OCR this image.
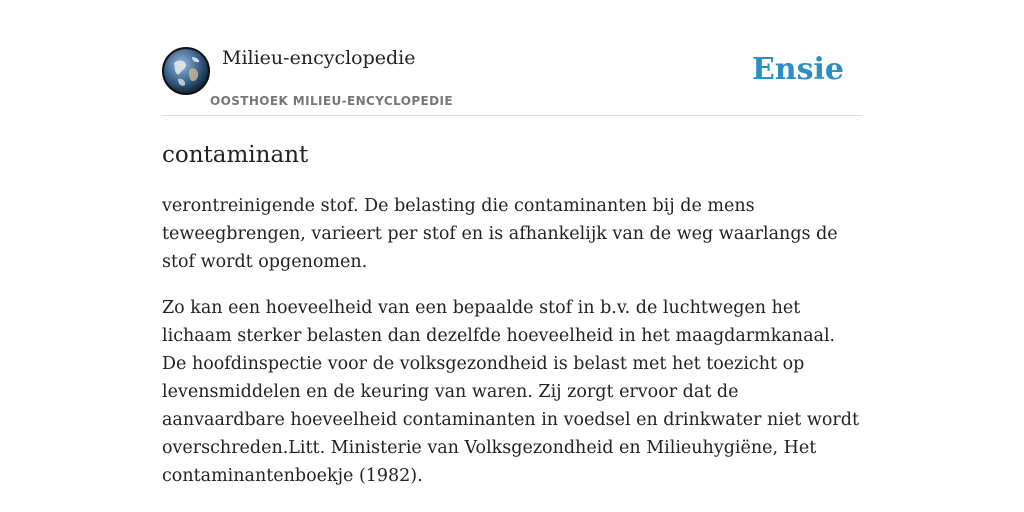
Milieu-encyclopedie
OOSTHOEK MILIEU-ENCYCLOPEDIE
Ensie
contaminant

verontreinigende stof. De belasting die contaminanten bij de mens teweegbrengen, varieert per stof en is afhankelijk van de weg waarlangs de stof wordt opgenomen.

Zo kan een hoeveelheid van een bepaalde stof in b.v. de luchtwegen het lichaam sterker belasten dan dezelfde hoeveelheid in het maagdarmkanaal. De hoofdinspectie voor de volksgezondheid is belast met het toezicht op levensmiddelen en de keuring van waren. Zij zorgt ervoor dat de aanvaardbare hoeveelheid contaminanten in voedsel en drinkwater niet wordt overschreden.Litt. Ministerie van Volksgezondheid en Milieuhygiëne, Het contaminantenboekje (1982).
